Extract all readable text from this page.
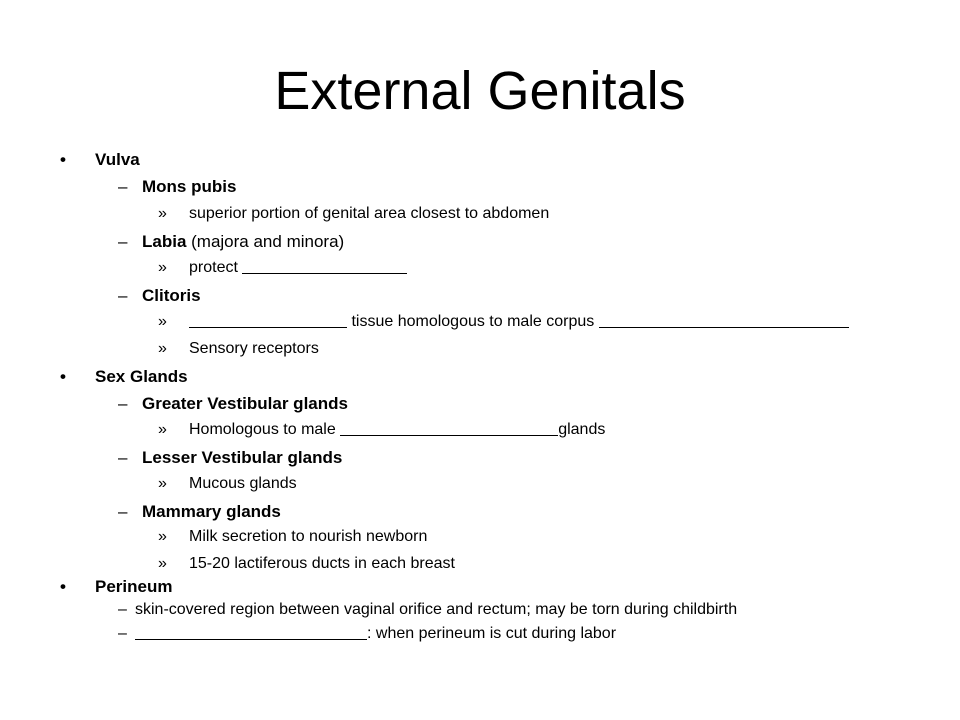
External Genitals
• Vulva

– Mons pubis

» superior portion of genital area closest to abdomen

– Labia (majora and minora)

» protect

– Clitoris

»	tissue homologous to male corpus

» Sensory receptors

• Sex Glands

– Greater Vestibular glands

» Homologous to male	glands

– Lesser Vestibular glands

» Mucous glands

– Mammary glands

» Milk secretion to nourish newborn

» 15-20 lactiferous ducts in each breast

• Perineum

– skin-covered region between vaginal orifice and rectum; may be torn during childbirth

–	: when perineum is cut during labor
